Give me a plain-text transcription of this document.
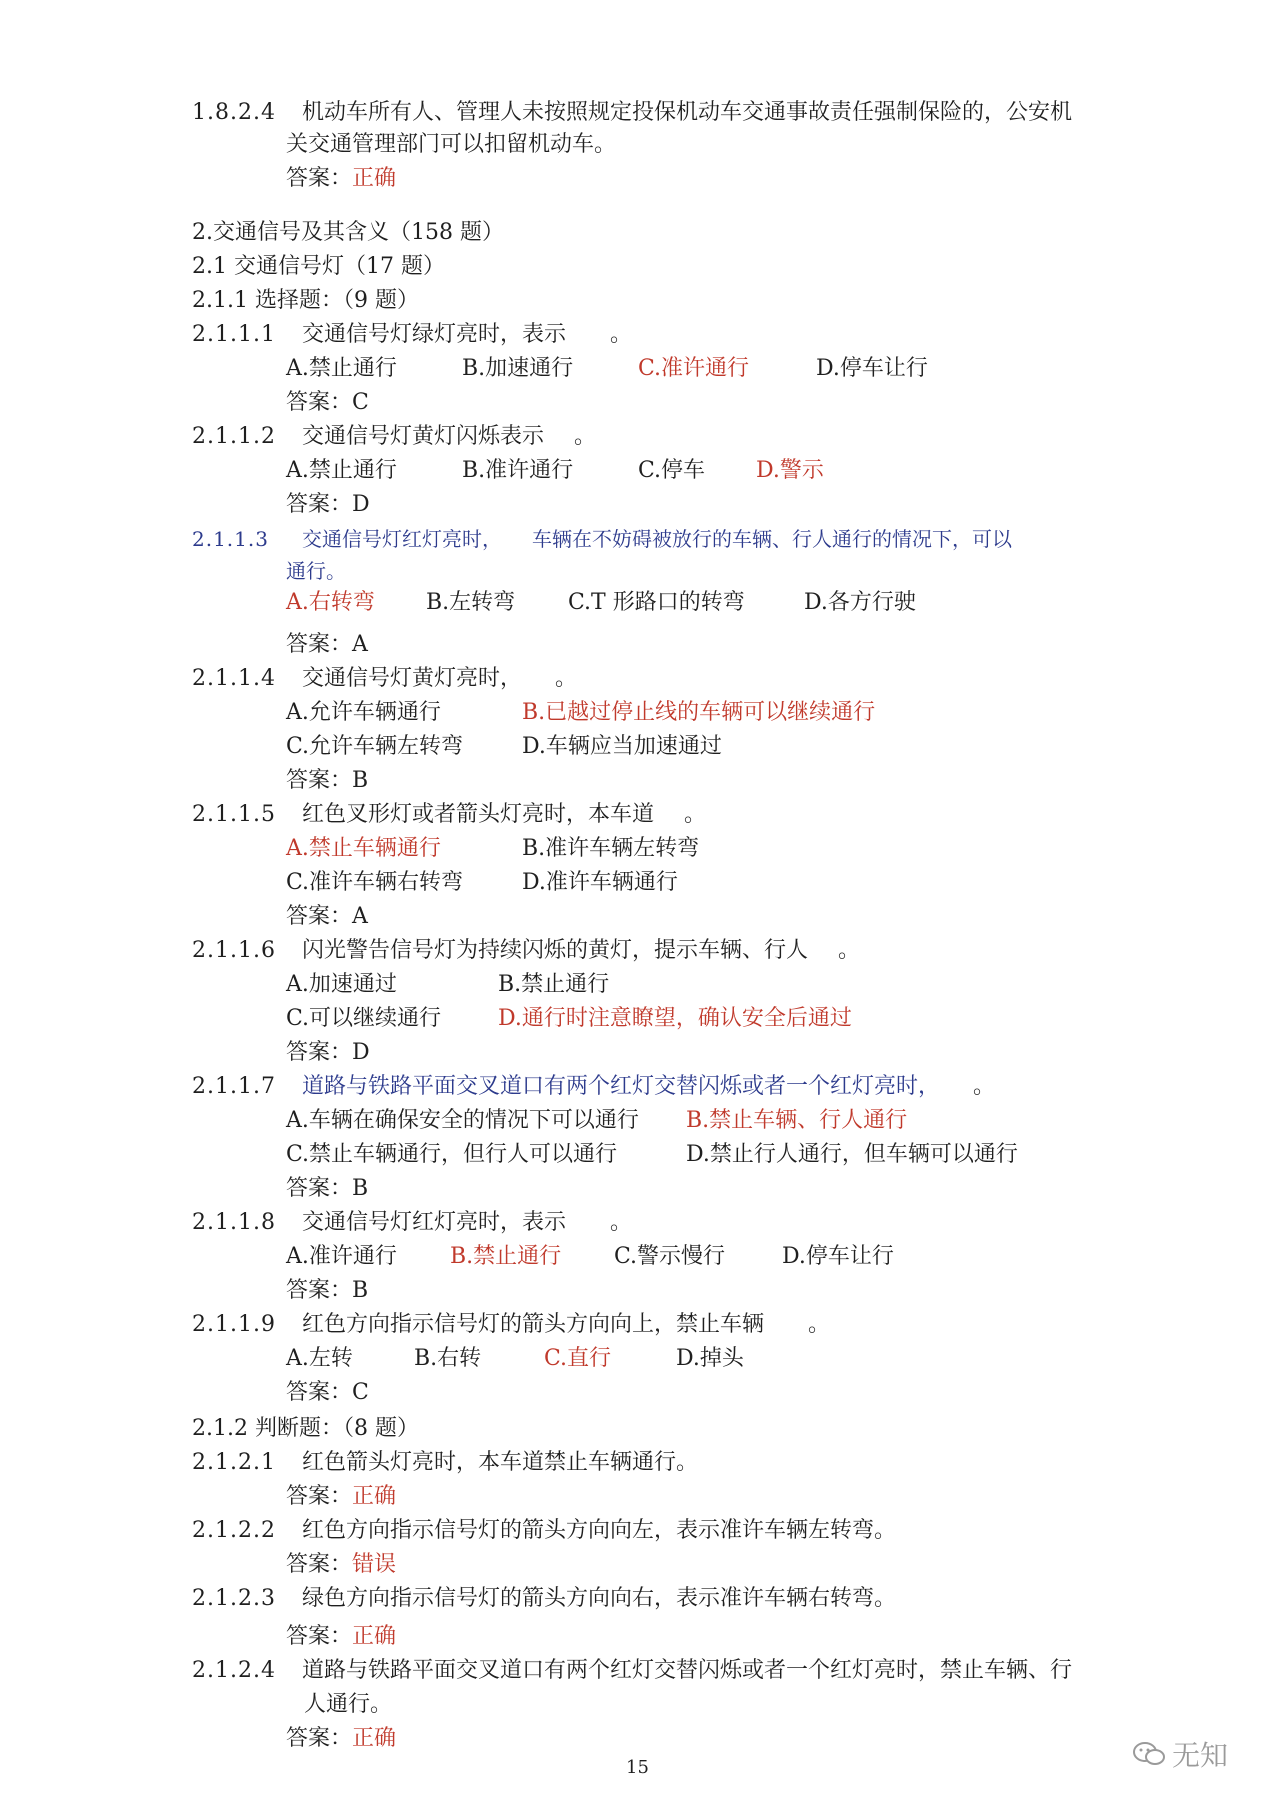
1.8.2.4 机动车所有人、管理人未按照规定投保机动车交通事故责任强制保险的，公安机
关交通管理部门可以扣留机动车。
答案：正确
2.交通信号及其含义（158 题）
2.1 交通信号灯（17 题）
2.1.1 选择题：（9 题）
2.1.1.1 交通信号灯绿灯亮时，表示 。
A.禁止通行	B.加速通行	C.准许通行	D.停车让行
答案：C
2.1.1.2 交通信号灯黄灯闪烁表示 。
A.禁止通行	B.准许通行	C.停车 D.警示
答案：D
2.1.1.3 交通信号灯红灯亮时， 车辆在不妨碍被放行的车辆、行人通行的情况下，可以
通行。
A.右转弯 B.左转弯 C.T 形路口的转弯	D.各方行驶
答案：A
2.1.1.4 交通信号灯黄灯亮时， 。
A.允许车辆通行	B.已越过停止线的车辆可以继续通行
C.允许车辆左转弯	D.车辆应当加速通过
答案：B
2.1.1.5 红色叉形灯或者箭头灯亮时，本车道 。
A.禁止车辆通行	B.准许车辆左转弯
C.准许车辆右转弯	D.准许车辆通行
答案：A
2.1.1.6 闪光警告信号灯为持续闪烁的黄灯，提示车辆、行人 。
A.加速通过	B.禁止通行
C.可以继续通行	D.通行时注意瞭望，确认安全后通过
答案：D
2.1.1.7 道路与铁路平面交叉道口有两个红灯交替闪烁或者一个红灯亮时， 。
A.车辆在确保安全的情况下可以通行 B.禁止车辆、行人通行
C.禁止车辆通行，但行人可以通行	D.禁止行人通行，但车辆可以通行
答案：B
2.1.1.8 交通信号灯红灯亮时，表示 。
A.准许通行 B.禁止通行 C.警示慢行	D.停车让行
答案：B
2.1.1.9 红色方向指示信号灯的箭头方向向上，禁止车辆 。
A.左转	B.右转	C.直行	D.掉头
答案：C
2.1.2 判断题：（8 题）
2.1.2.1 红色箭头灯亮时，本车道禁止车辆通行。
答案：正确
2.1.2.2 红色方向指示信号灯的箭头方向向左，表示准许车辆左转弯。
答案：错误
2.1.2.3 绿色方向指示信号灯的箭头方向向右，表示准许车辆右转弯。
答案：正确
2.1.2.4 道路与铁路平面交叉道口有两个红灯交替闪烁或者一个红灯亮时，禁止车辆、行
人通行。
答案：正确
15	无知
